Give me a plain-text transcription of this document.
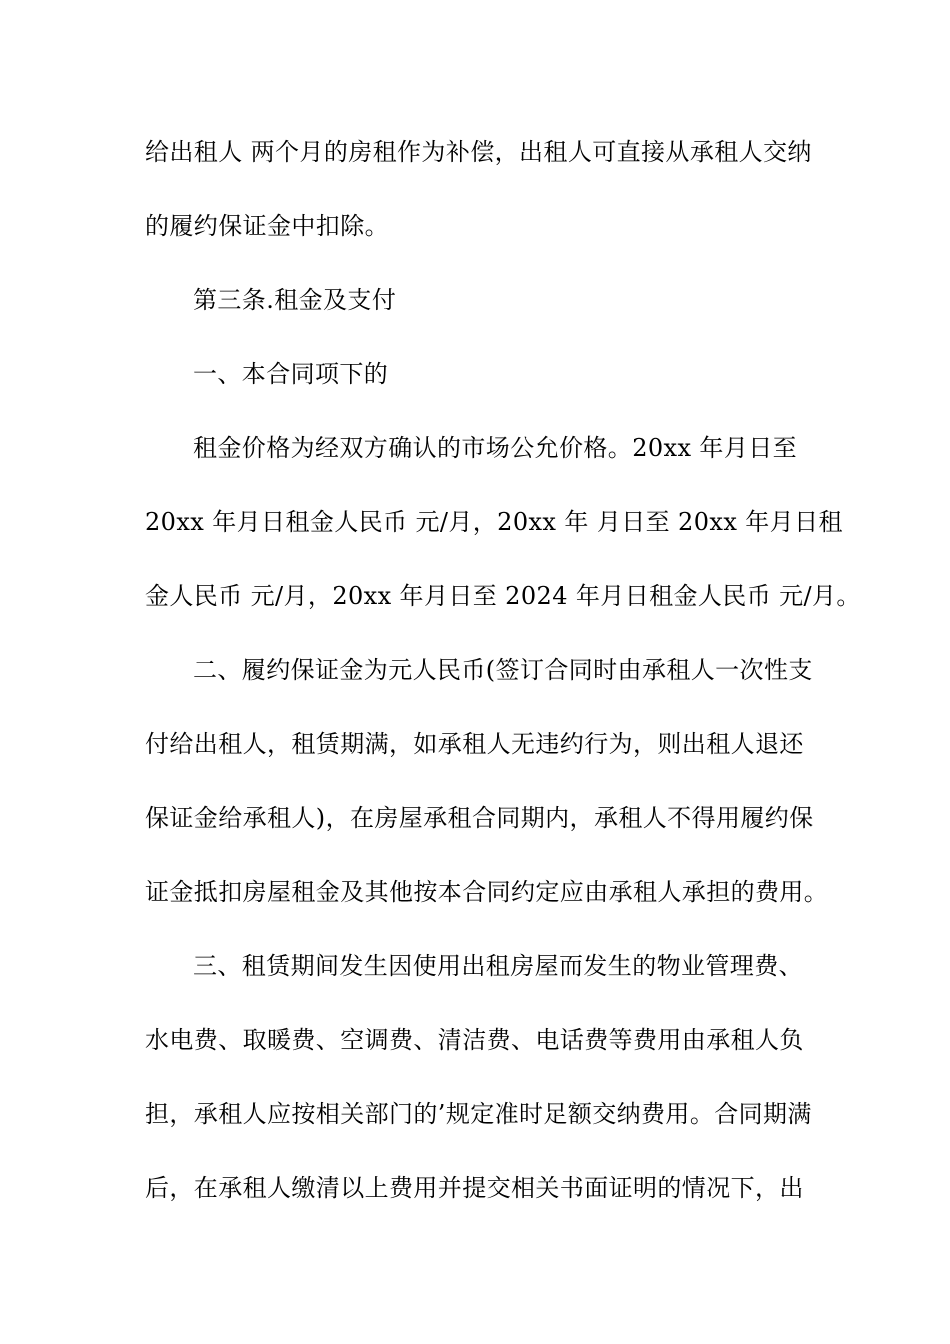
给出租人 两个月的房租作为补偿，出租人可直接从承租人交纳

的履约保证金中扣除。

第三条.租金及支付

一、本合同项下的

租金价格为经双方确认的市场公允价格。20xx 年月日至

20xx 年月日租金人民币 元/月，20xx 年 月日至 20xx 年月日租

金人民币 元/月，20xx 年月日至 2024 年月日租金人民币 元/月。

二、履约保证金为元人民币(签订合同时由承租人一次性支

付给出租人，租赁期满，如承租人无违约行为，则出租人退还

保证金给承租人)，在房屋承租合同期内，承租人不得用履约保

证金抵扣房屋租金及其他按本合同约定应由承租人承担的费用。

三、租赁期间发生因使用出租房屋而发生的物业管理费、

水电费、取暖费、空调费、清洁费、电话费等费用由承租人负

担，承租人应按相关部门的’规定准时足额交纳费用。合同期满

后，在承租人缴清以上费用并提交相关书面证明的情况下，出
